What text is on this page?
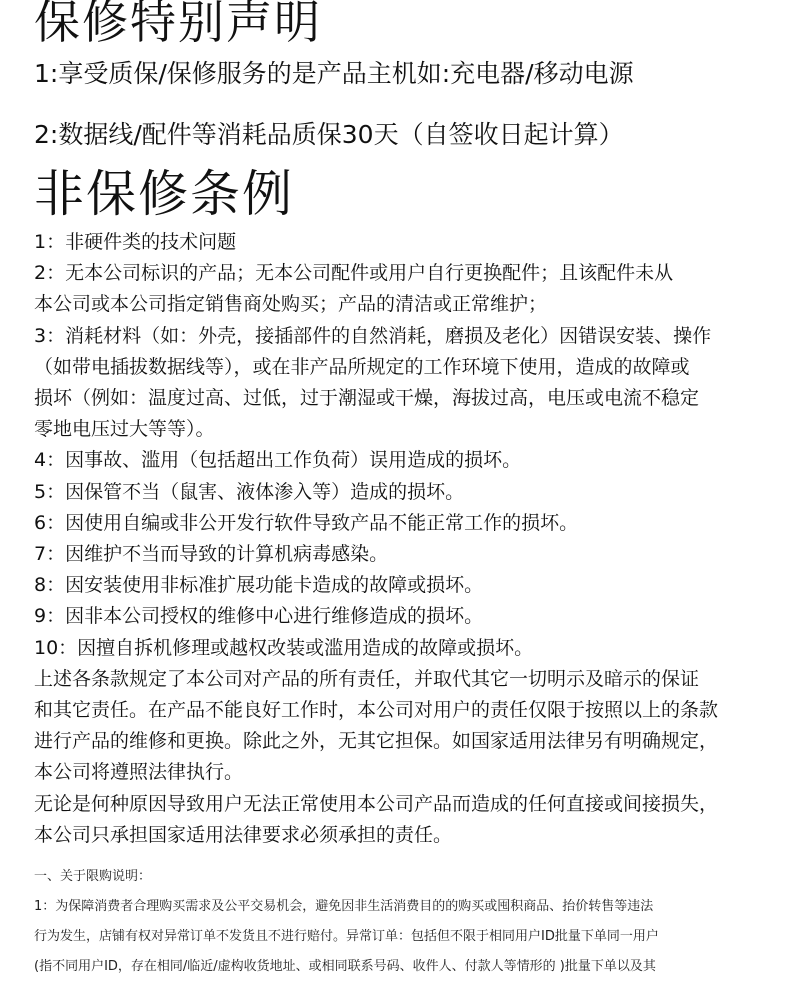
保修特别声明
1:享受质保/保修服务的是产品主机如:充电器/移动电源
2:数据线/配件等消耗品质保30天（自签收日起计算）
非保修条例
1：非硬件类的技术问题
2：无本公司标识的产品；无本公司配件或用户自行更换配件；且该配件未从
本公司或本公司指定销售商处购买；产品的清洁或正常维护；
3：消耗材料（如：外壳，接插部件的自然消耗，磨损及老化）因错误安装、操作
（如带电插拔数据线等），或在非产品所规定的工作环境下使用，造成的故障或
损坏（例如：温度过高、过低，过于潮湿或干燥，海拔过高，电压或电流不稳定
零地电压过大等等）。
4：因事故、滥用（包括超出工作负荷）误用造成的损坏。
5：因保管不当（鼠害、液体渗入等）造成的损坏。
6：因使用自编或非公开发行软件导致产品不能正常工作的损坏。
7：因维护不当而导致的计算机病毒感染。
8：因安装使用非标准扩展功能卡造成的故障或损坏。
9：因非本公司授权的维修中心进行维修造成的损坏。
10：因擅自拆机修理或越权改装或滥用造成的故障或损坏。
上述各条款规定了本公司对产品的所有责任，并取代其它一切明示及暗示的保证
和其它责任。在产品不能良好工作时，本公司对用户的责任仅限于按照以上的条款
进行产品的维修和更换。除此之外，无其它担保。如国家适用法律另有明确规定，
本公司将遵照法律执行。
无论是何种原因导致用户无法正常使用本公司产品而造成的任何直接或间接损失，
本公司只承担国家适用法律要求必须承担的责任。
一、关于限购说明：
1：为保障消费者合理购买需求及公平交易机会，避免因非生活消费目的的购买或囤积商品、抬价转售等违法
行为发生，店铺有权对异常订单不发货且不进行赔付。异常订单：包括但不限于相同用户ID批量下单同一用户
(指不同用户ID，存在相同/临近/虚构收货地址、或相同联系号码、收件人、付款人等情形的 )批量下单以及其
